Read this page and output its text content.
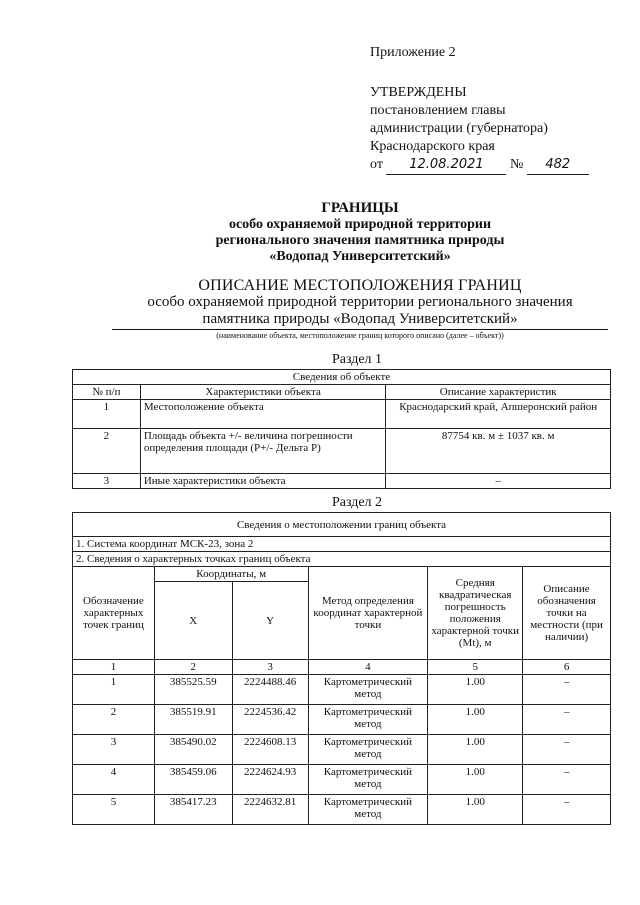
Приложение 2
УТВЕРЖДЕНЫ
постановлением главы
администрации (губернатора)
Краснодарского края
от 12.08.2021 № 482
ГРАНИЦЫ
особо охраняемой природной территории
регионального значения памятника природы
«Водопад Университетский»
ОПИСАНИЕ МЕСТОПОЛОЖЕНИЯ ГРАНИЦ
особо охраняемой природной территории регионального значения
памятника природы «Водопад Университетский»
(наименование объекта, местоположение границ которого описано (далее – объект))
Раздел 1
Сведения об объекте		
№ п/п	Характеристики объекта	Описание характеристик
1	Местоположение объекта	Краснодарский край, Апшеронский район
2	Площадь объекта +/- величина погрешности определения площади (P+/- Дельта P)	87754 кв. м ± 1037 кв. м
3	Иные характеристики объекта	–
Раздел 2
Сведения о местоположении границ объекта					
1. Система координат МСК-23, зона 2					
2. Сведения о характерных точках границ объекта					
Обозначение характерных точек границ	Координаты, м		Метод определения координат характерной точки	Средняя квадратическая погрешность положения характерной точки (Mt), м	Описание обозначения точки на местности (при наличии)
	X	Y			
1	2	3	4	5	6
1	385525.59	2224488.46	Картометрический метод	1.00	–
2	385519.91	2224536.42	Картометрический метод	1.00	–
3	385490.02	2224608.13	Картометрический метод	1.00	–
4	385459.06	2224624.93	Картометрический метод	1.00	–
5	385417.23	2224632.81	Картометрический метод	1.00	–
